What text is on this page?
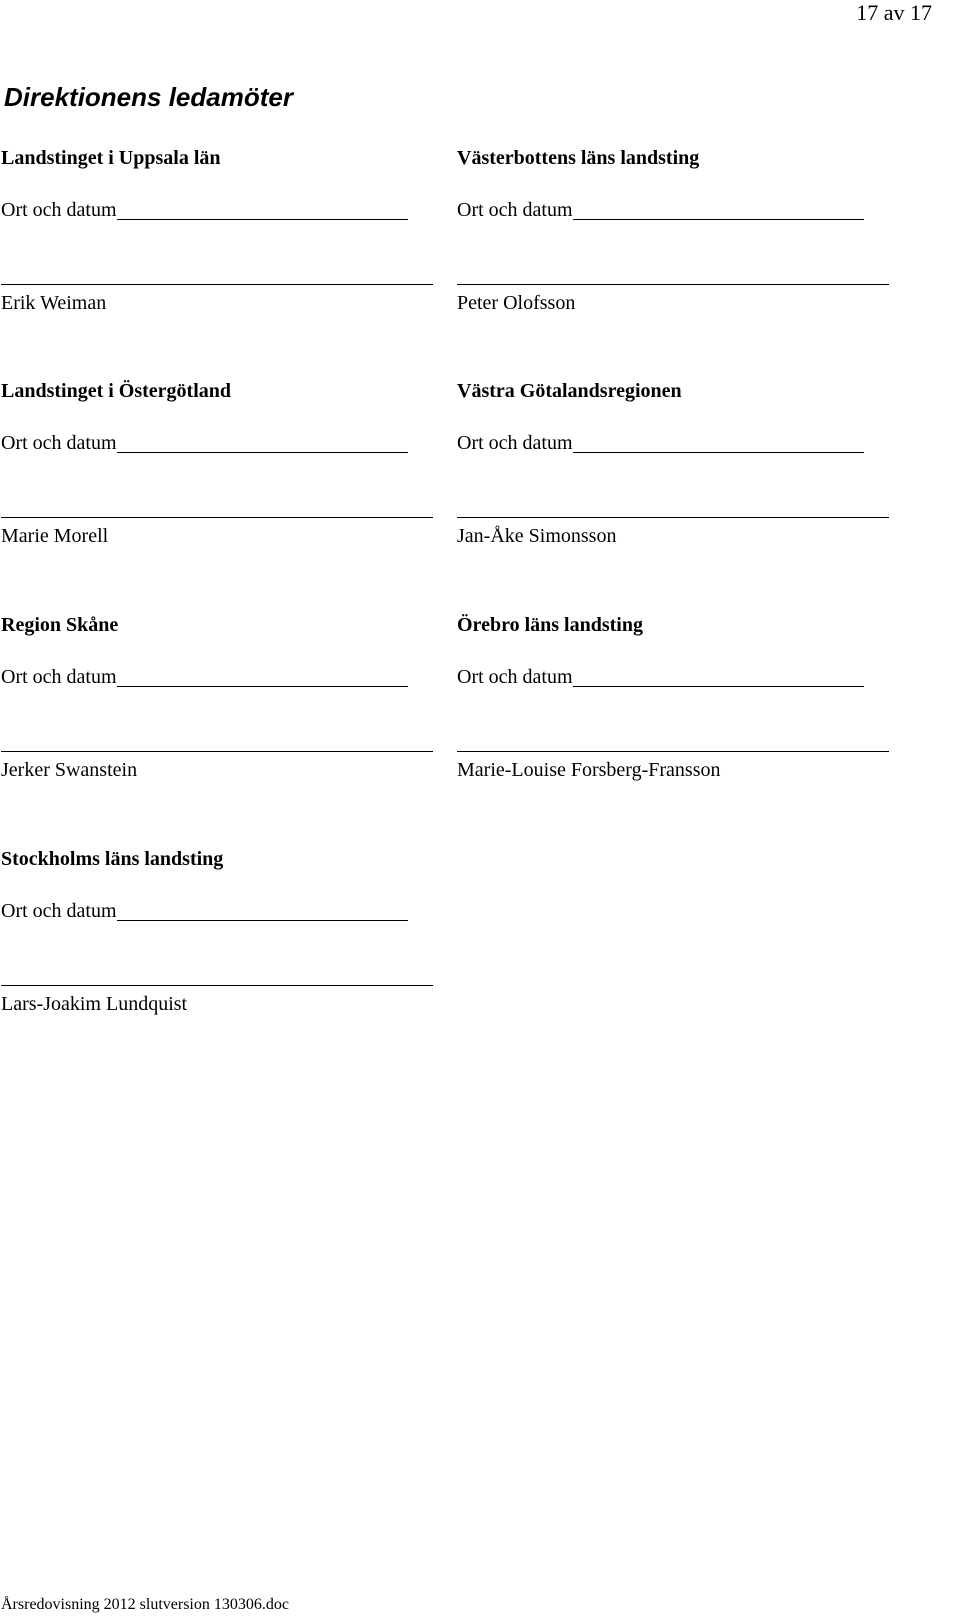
17 av 17
Direktionens ledamöter
Landstinget i Uppsala län
Ort och datum
Erik Weiman
Västerbottens läns landsting
Ort och datum
Peter Olofsson
Landstinget i Östergötland
Ort och datum
Marie Morell
Västra Götalandsregionen
Ort och datum
Jan-Åke Simonsson
Region Skåne
Ort och datum
Jerker Swanstein
Örebro läns landsting
Ort och datum
Marie-Louise Forsberg-Fransson
Stockholms läns landsting
Ort och datum
Lars-Joakim Lundquist
Årsredovisning 2012 slutversion 130306.doc
